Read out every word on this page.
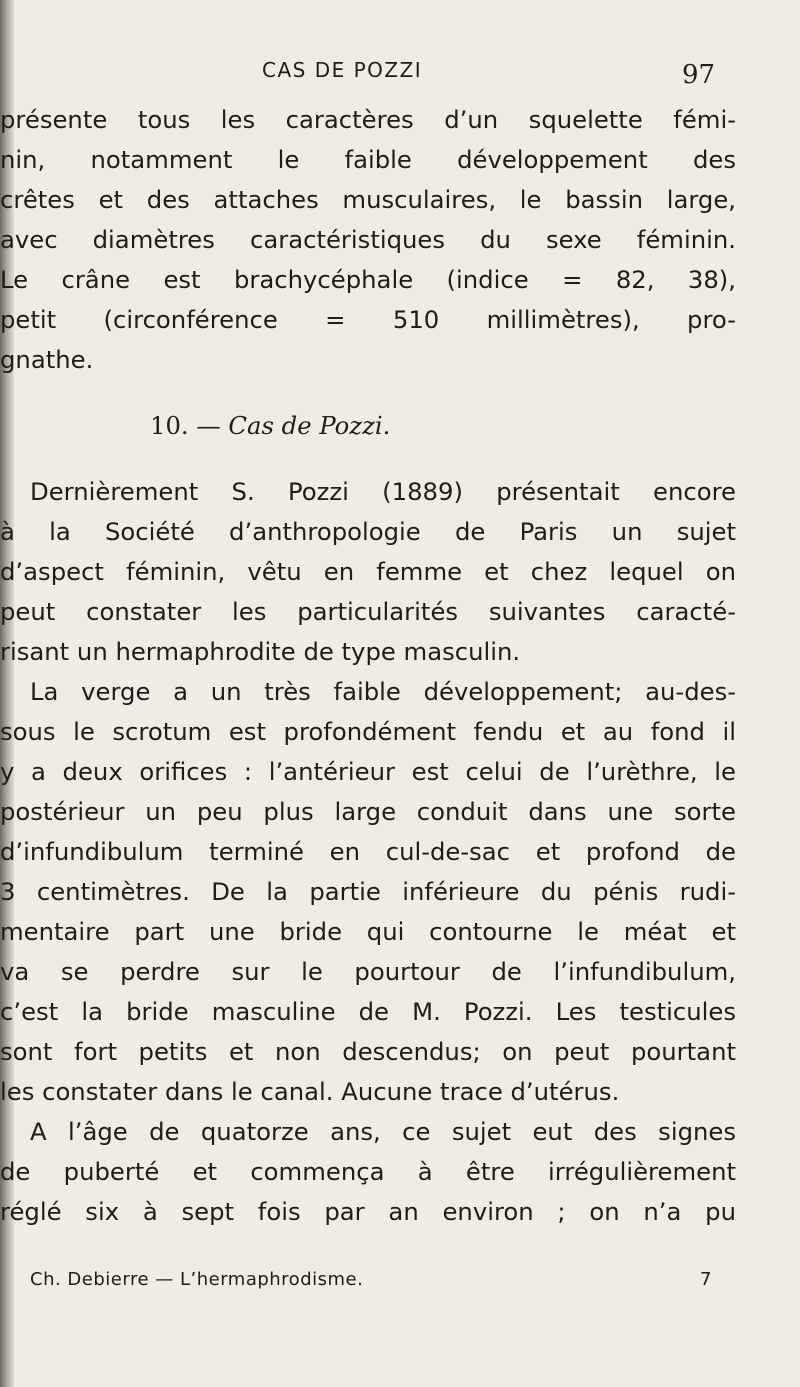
CAS DE POZZI	97
présente tous les caractères d’un squelette fémi-
nin, notamment le faible développement des
crêtes et des attaches musculaires, le bassin large,
avec diamètres caractéristiques du sexe féminin.
Le crâne est brachycéphale (indice = 82, 38),
petit (circonférence = 510 millimètres), pro-
gnathe.
10. — Cas de Pozzi.
Dernièrement S. Pozzi (1889) présentait encore
à la Société d’anthropologie de Paris un sujet
d’aspect féminin, vêtu en femme et chez lequel on
peut constater les particularités suivantes caracté-
risant un hermaphrodite de type masculin.
La verge a un très faible développement; au-des-
sous le scrotum est profondément fendu et au fond il
y a deux orifices : l’antérieur est celui de l’urèthre, le
postérieur un peu plus large conduit dans une sorte
d’infundibulum terminé en cul-de-sac et profond de
3 centimètres. De la partie inférieure du pénis rudi-
mentaire part une bride qui contourne le méat et
va se perdre sur le pourtour de l’infundibulum,
c’est la bride masculine de M. Pozzi. Les testicules
sont fort petits et non descendus; on peut pourtant
les constater dans le canal. Aucune trace d’utérus.
A l’âge de quatorze ans, ce sujet eut des signes
de puberté et commença à être irrégulièrement
réglé six à sept fois par an environ ; on n’a pu
Ch. Debierre — L’hermaphrodisme.	7
